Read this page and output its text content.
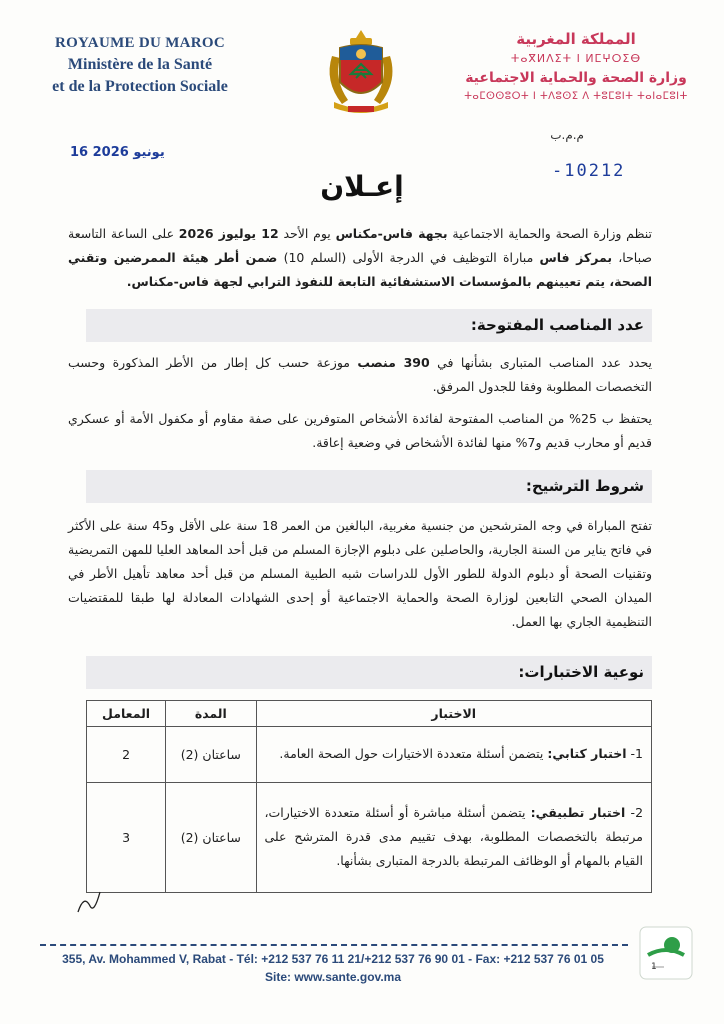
ROYAUME DU MAROC
Ministère de la Santé
et de la Protection Sociale
المملكة المغربية
ⵜⴰⴳⵍⴷⵉⵜ ⵏ ⵍⵎⵖⵔⵉⴱ
وزارة الصحة والحماية الاجتماعية
ⵜⴰⵎⵙⵙⵓⵔⵜ ⵏ ⵜⴷⵓⵙⵉ ⴷ ⵜⵓⵎⵓⵏⵜ ⵜⴰⵏⴰⵎⵓⵏⵜ
م.م.ب
16 يونيو 2026
-10212
إعـلان
تنظم وزارة الصحة والحماية الاجتماعية بجهة فاس-مكناس يوم الأحد 12 يوليوز 2026 على الساعة التاسعة صباحا، بمركز فاس مباراة التوظيف في الدرجة الأولى (السلم 10) ضمن أطر هيئة الممرضين وتقني الصحة، يتم تعيينهم بالمؤسسات الاستشفائية التابعة للنفوذ الترابي لجهة فاس-مكناس.
عدد المناصب المفتوحة:
يحدد عدد المناصب المتبارى بشأنها في 390 منصب موزعة حسب كل إطار من الأطر المذكورة وحسب التخصصات المطلوبة وفقا للجدول المرفق.
يحتفظ ب 25% من المناصب المفتوحة لفائدة الأشخاص المتوفرين على صفة مقاوم أو مكفول الأمة أو عسكري قديم أو محارب قديم و7% منها لفائدة الأشخاص في وضعية إعاقة.
شروط الترشيح:
تفتح المباراة في وجه المترشحين من جنسية مغربية، البالغين من العمر 18 سنة على الأقل و45 سنة على الأكثر في فاتح يناير من السنة الجارية، والحاصلين على دبلوم الإجازة المسلم من قبل أحد المعاهد العليا للمهن التمريضية وتقنيات الصحة أو دبلوم الدولة للطور الأول للدراسات شبه الطبية المسلم من قبل أحد معاهد تأهيل الأطر في الميدان الصحي التابعين لوزارة الصحة والحماية الاجتماعية أو إحدى الشهادات المعادلة لها طبقا للمقتضيات التنظيمية الجاري بها العمل.
نوعية الاختبارات:
الاختبار	المدة	المعامل
1- اختبار كتابي: يتضمن أسئلة متعددة الاختيارات حول الصحة العامة.	ساعتان (2)	2
2- اختبار تطبيقي: يتضمن أسئلة مباشرة أو أسئلة متعددة الاختيارات، مرتبطة بالتخصصات المطلوبة، بهدف تقييم مدى قدرة المترشح على القيام بالمهام أو الوظائف المرتبطة بالدرجة المتبارى بشأنها.	ساعتان (2)	3
355, Av. Mohammed V, Rabat - Tél: +212 537 76 11 21/+212 537 76 90 01 - Fax: +212 537 76 01 05
Site: www.sante.gov.ma
1
